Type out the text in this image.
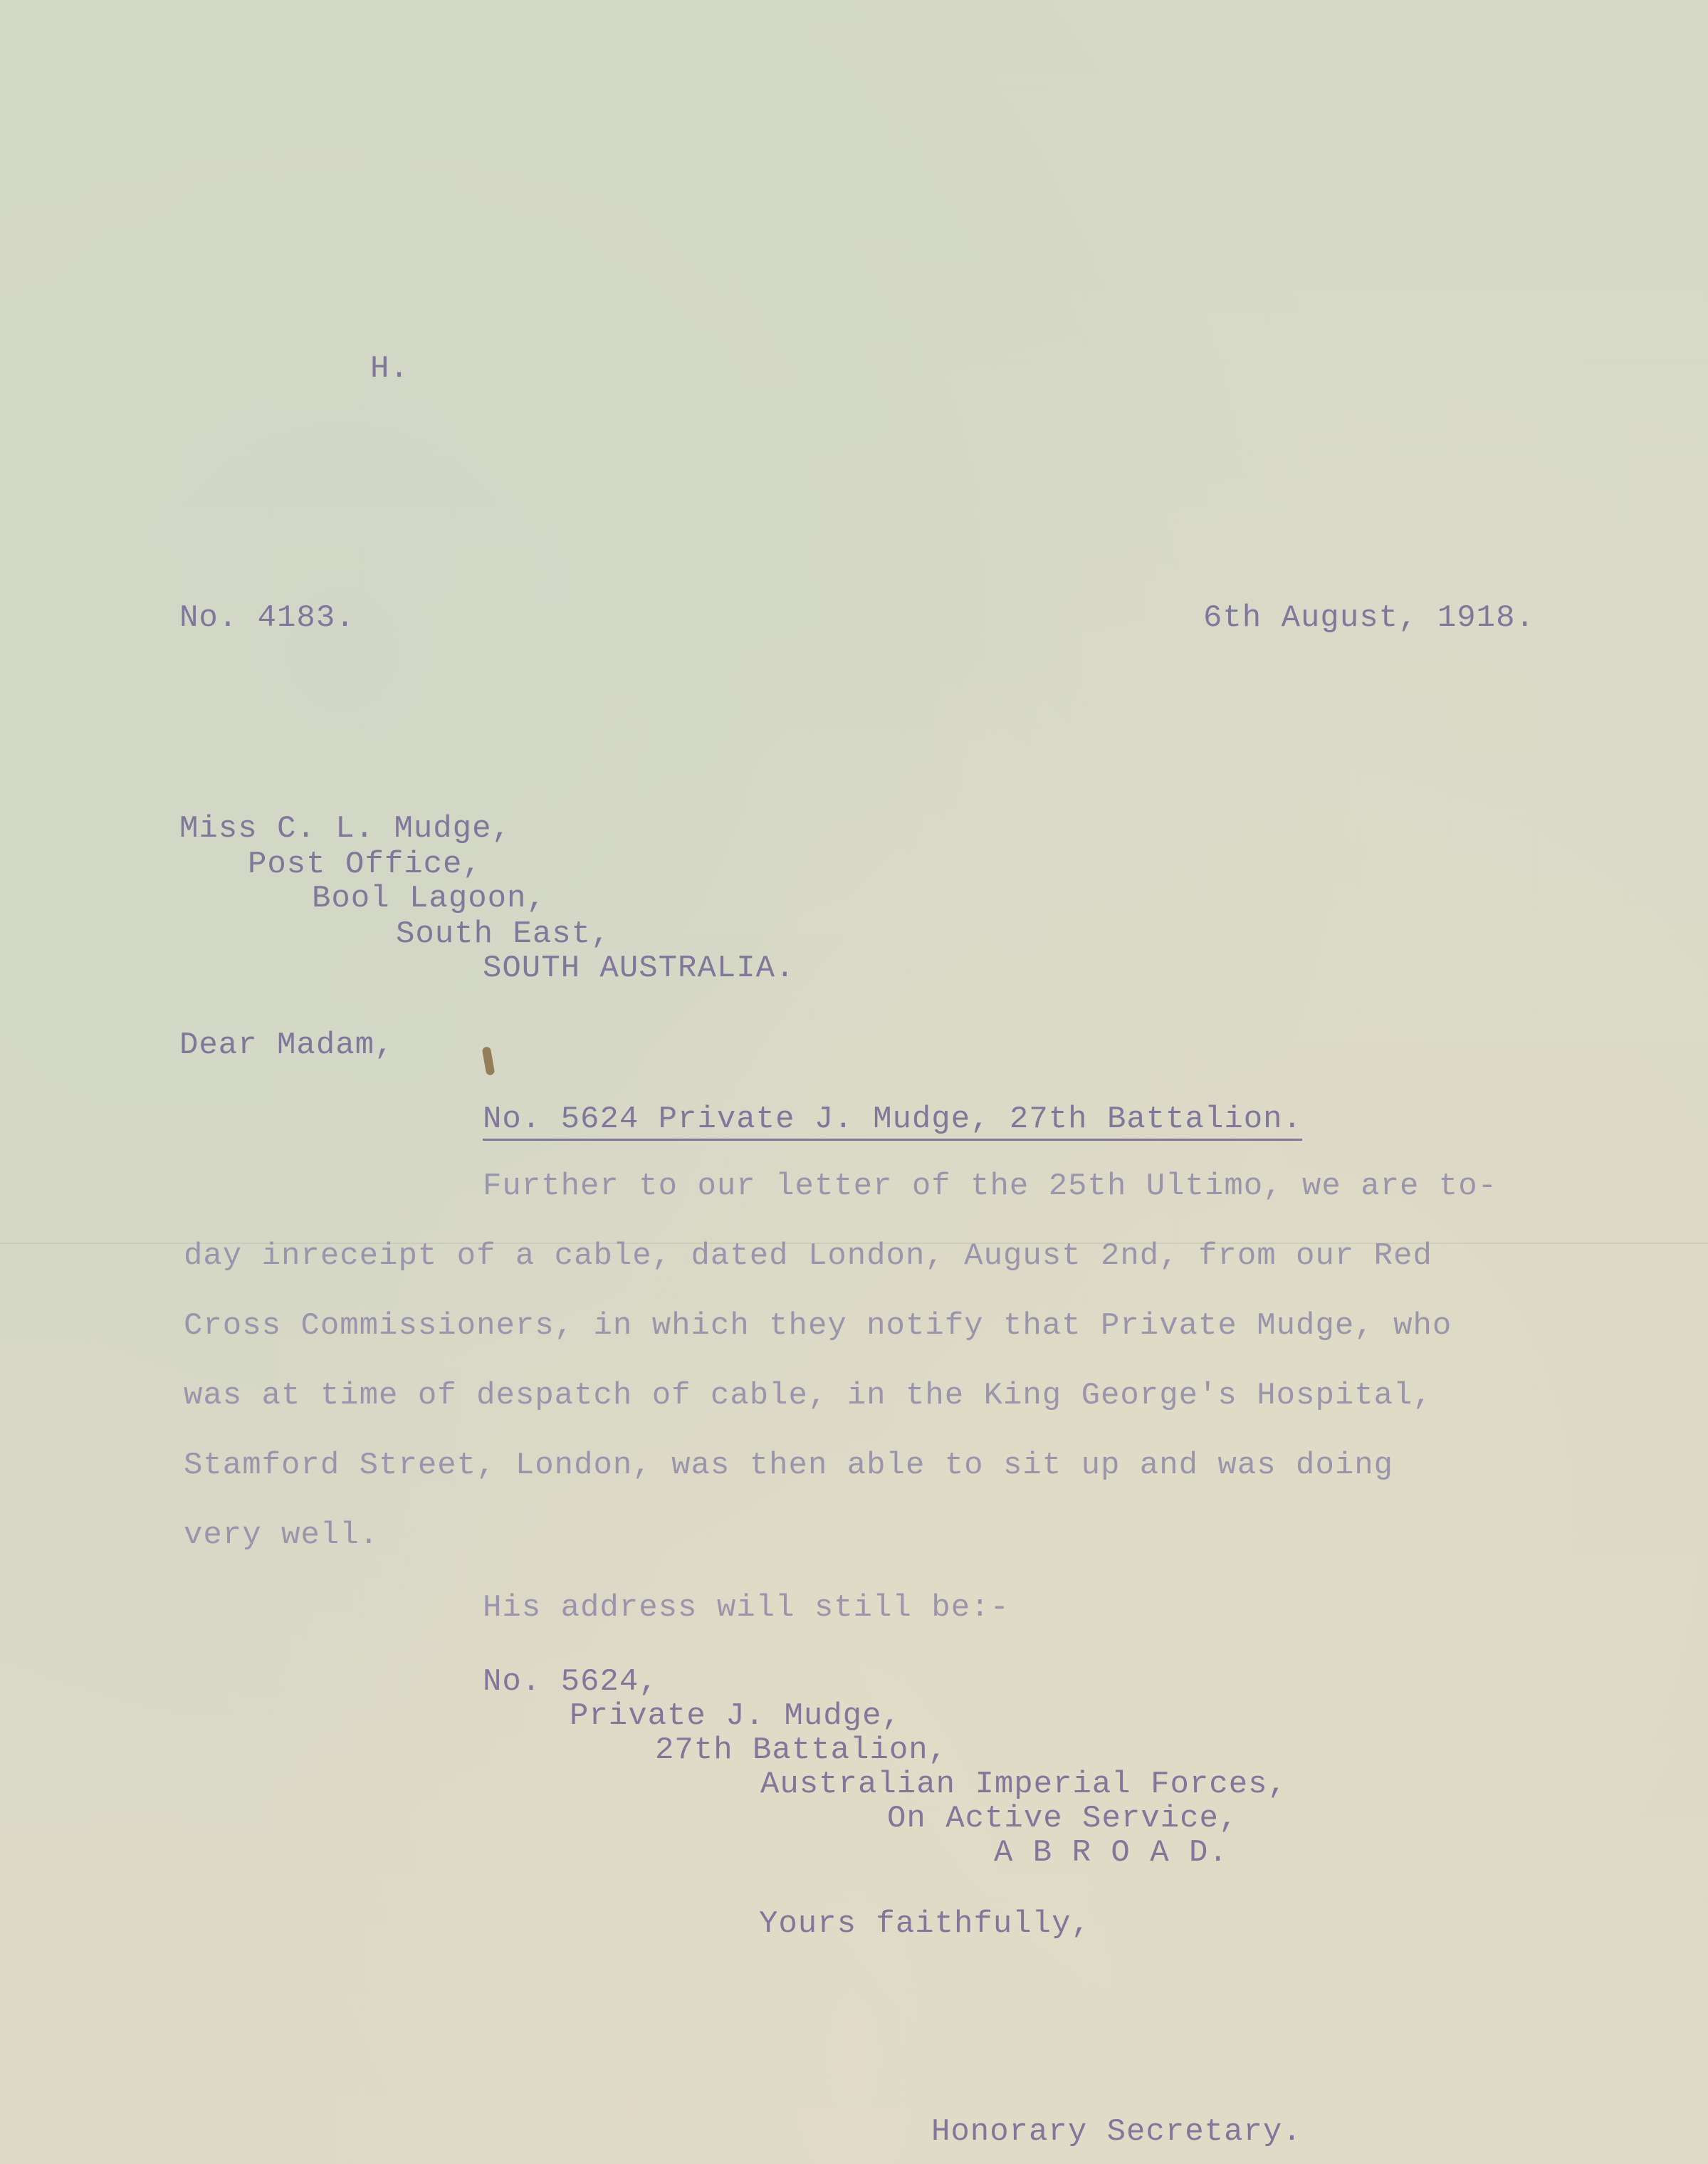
H.
No. 4183.	6th August, 1918.
Miss C. L. Mudge,
Post Office,
Bool Lagoon,
South East,
SOUTH AUSTRALIA.
Dear Madam,
No. 5624 Private J. Mudge, 27th Battalion.
Further to our letter of the 25th Ultimo, we are to-
day inreceipt of a cable, dated London, August 2nd, from our Red
Cross Commissioners, in which they notify that Private Mudge, who
was at time of despatch of cable, in the King George's Hospital,
Stamford Street, London, was then able to sit up and was doing
very well.
His address will still be:-
No. 5624,
Private J. Mudge,
27th Battalion,
Australian Imperial Forces,
On Active Service,
A B R O A D.
Yours faithfully,
Honorary Secretary.
